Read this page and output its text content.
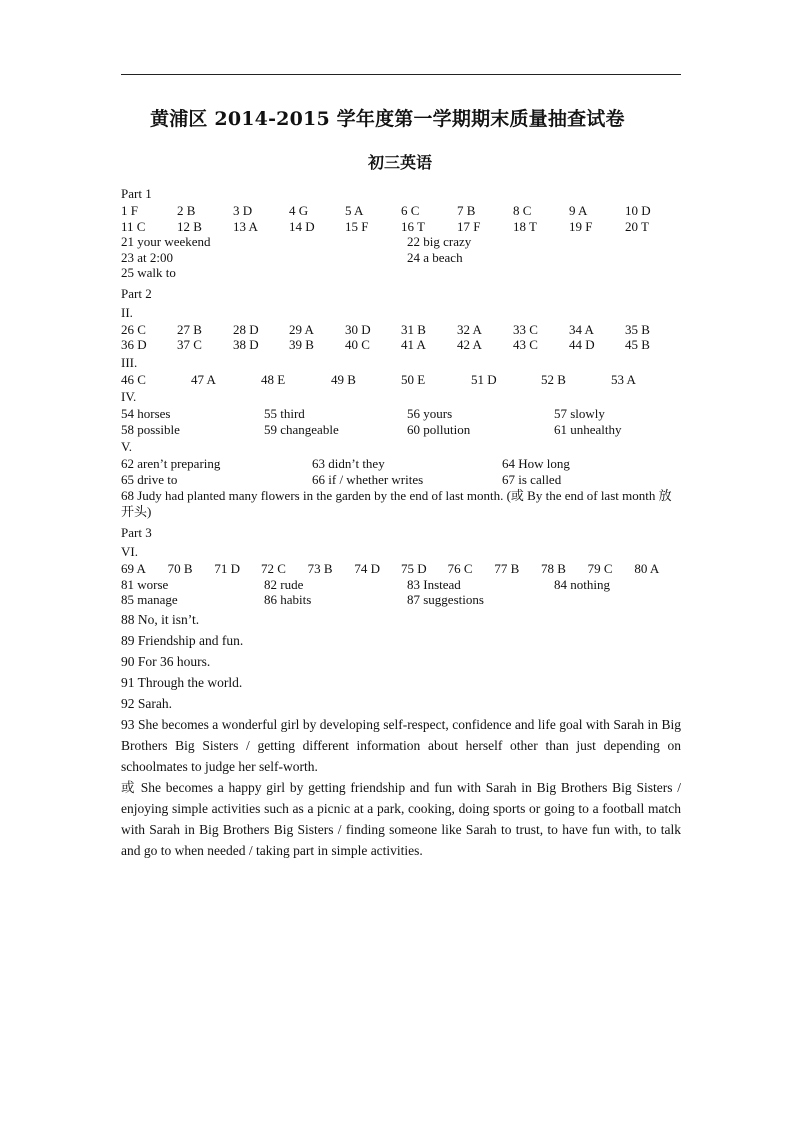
黄浦区 2014-2015 学年度第一学期期末质量抽查试卷
初三英语
Part 1
1 F	2 B	3 D	4 G	5 A	6 C	7 B	8 C	9 A	10 D
11 C	12 B	13 A	14 D	15 F	16 T	17 F	18 T	19 F	20 T
21 your weekend	22 big crazy
23 at 2:00	24 a beach
25 walk to
Part 2
II.
26 C	27 B	28 D	29 A	30 D	31 B	32 A	33 C	34 A	35 B
36 D	37 C	38 D	39 B	40 C	41 A	42 A	43 C	44 D	45 B
III.
46 C	47 A	48 E	49 B	50 E	51 D	52 B	53 A
IV.
54 horses	55 third	56 yours	57 slowly
58 possible	59 changeable	60 pollution	61 unhealthy
V.
62 aren’t preparing	63 didn’t they	64 How long
65 drive to	66 if / whether writes	67 is called
68 Judy had planted many flowers in the garden by the end of last month. (或 By the end of last month 放开头)
Part 3
VI.
69 A	70 B	71 D	72 C	73 B	74 D	75 D	76 C	77 B	78 B	79 C	80 A
81 worse	82 rude	83 Instead	84 nothing
85 manage	86 habits	87 suggestions
88 No, it isn’t.
89 Friendship and fun.
90 For 36 hours.
91 Through the world.
92 Sarah.
93 She becomes a wonderful girl by developing self-respect, confidence and life goal with Sarah in Big Brothers Big Sisters / getting different information about herself other than just depending on schoolmates to judge her self-worth.
或 She becomes a happy girl by getting friendship and fun with Sarah in Big Brothers Big Sisters / enjoying simple activities such as a picnic at a park, cooking, doing sports or going to a football match with Sarah in Big Brothers Big Sisters / finding someone like Sarah to trust, to have fun with, to talk and go to when needed / taking part in simple activities.
